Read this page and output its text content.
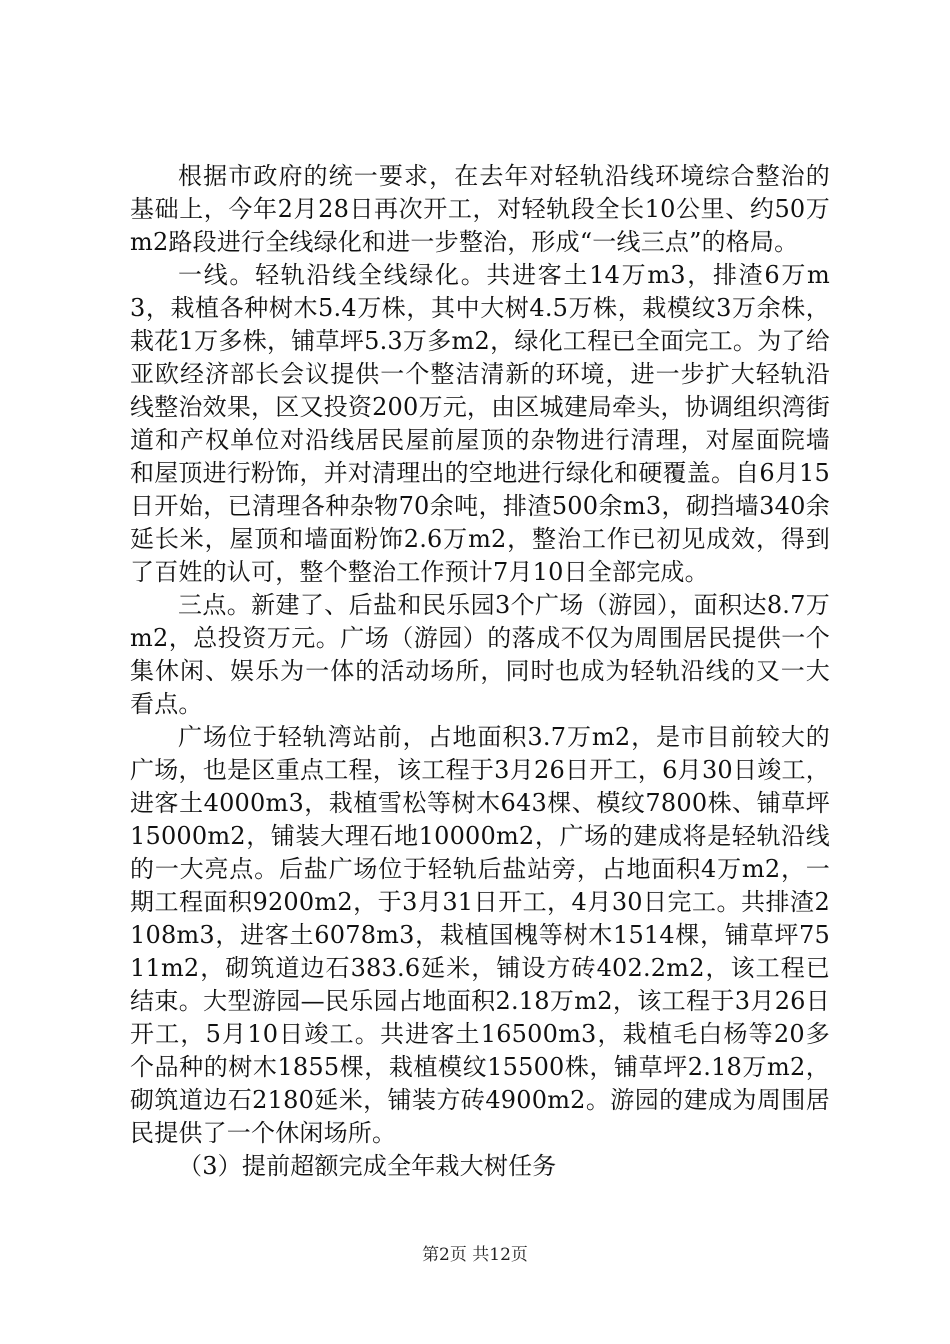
根据市政府的统一要求，在去年对轻轨沿线环境综合整治的基础上，今年2月28日再次开工，对轻轨段全长10公里、约50万m2路段进行全线绿化和进一步整治，形成“一线三点”的格局。

一线。轻轨沿线全线绿化。共进客土14万m3，排渣6万m3，栽植各种树木5.4万株，其中大树4.5万株，栽模纹3万余株，栽花1万多株，铺草坪5.3万多m2，绿化工程已全面完工。为了给亚欧经济部长会议提供一个整洁清新的环境，进一步扩大轻轨沿线整治效果，区又投资200万元，由区城建局牵头，协调组织湾街道和产权单位对沿线居民屋前屋顶的杂物进行清理，对屋面院墙和屋顶进行粉饰，并对清理出的空地进行绿化和硬覆盖。自6月15日开始，已清理各种杂物70余吨，排渣500余m3，砌挡墙340余延长米，屋顶和墙面粉饰2.6万m2，整治工作已初见成效，得到了百姓的认可，整个整治工作预计7月10日全部完成。

三点。新建了、后盐和民乐园3个广场（游园），面积达8.7万m2，总投资万元。广场（游园）的落成不仅为周围居民提供一个集休闲、娱乐为一体的活动场所，同时也成为轻轨沿线的又一大看点。

广场位于轻轨湾站前，占地面积3.7万m2，是市目前较大的广场，也是区重点工程，该工程于3月26日开工，6月30日竣工，进客土4000m3，栽植雪松等树木643棵、模纹7800株、铺草坪15000m2，铺装大理石地10000m2，广场的建成将是轻轨沿线的一大亮点。后盐广场位于轻轨后盐站旁，占地面积4万m2，一期工程面积9200m2，于3月31日开工，4月30日完工。共排渣2108m3，进客土6078m3，栽植国槐等树木1514棵，铺草坪7511m2，砌筑道边石383.6延米，铺设方砖402.2m2，该工程已结束。大型游园—民乐园占地面积2.18万m2，该工程于3月26日开工，5月10日竣工。共进客土16500m3，栽植毛白杨等20多个品种的树木1855棵，栽植模纹15500株，铺草坪2.18万m2，砌筑道边石2180延米，铺装方砖4900m2。游园的建成为周围居民提供了一个休闲场所。

（3）提前超额完成全年栽大树任务

第2页 共12页
